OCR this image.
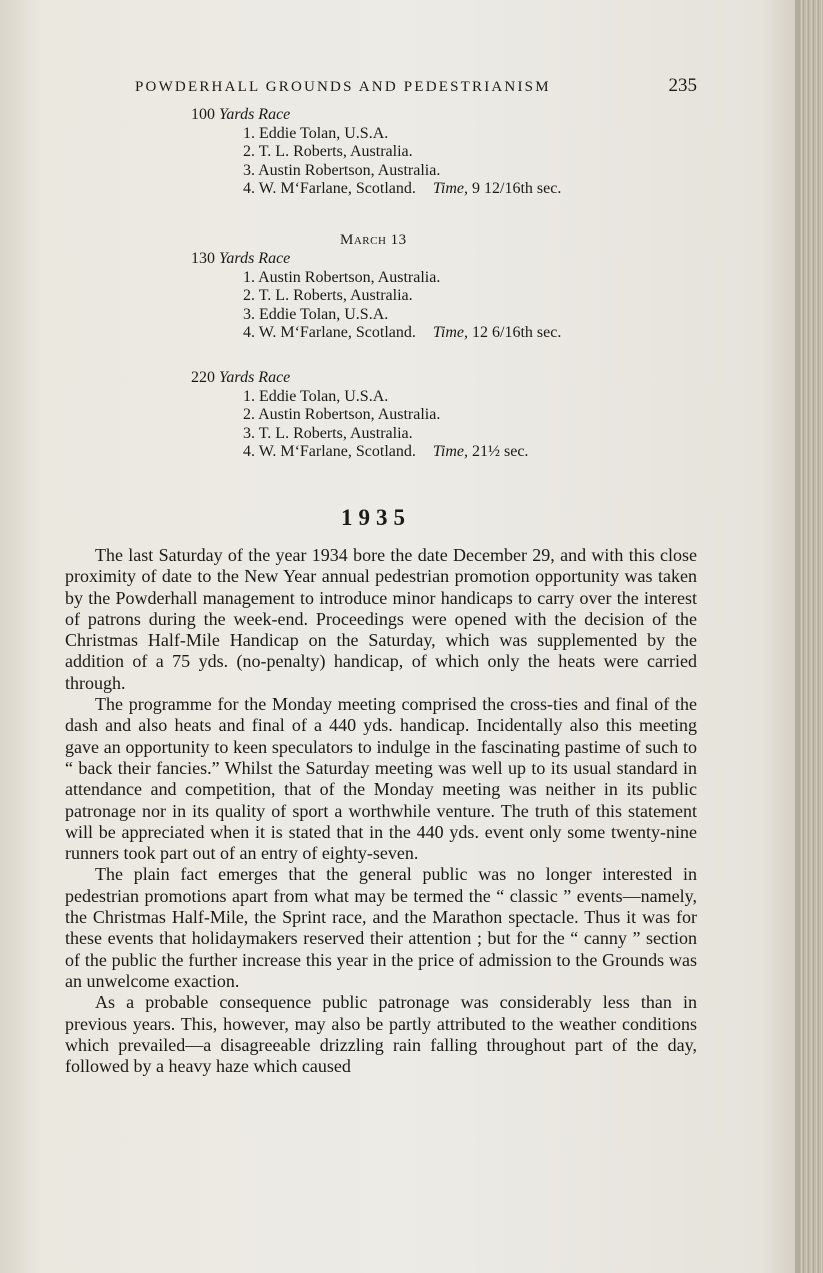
POWDERHALL GROUNDS AND PEDESTRIANISM	235
100 Yards Race
1. Eddie Tolan, U.S.A.
2. T. L. Roberts, Australia.
3. Austin Robertson, Australia.
4. W. M‘Farlane, Scotland. Time, 9 12/16th sec.
March 13
130 Yards Race
1. Austin Robertson, Australia.
2. T. L. Roberts, Australia.
3. Eddie Tolan, U.S.A.
4. W. M‘Farlane, Scotland. Time, 12 6/16th sec.
220 Yards Race
1. Eddie Tolan, U.S.A.
2. Austin Robertson, Australia.
3. T. L. Roberts, Australia.
4. W. M‘Farlane, Scotland. Time, 21½ sec.
1935

The last Saturday of the year 1934 bore the date December 29, and with this close proximity of date to the New Year annual pedestrian promotion opportunity was taken by the Powderhall management to introduce minor handicaps to carry over the interest of patrons during the week-end. Proceedings were opened with the decision of the Christmas Half-Mile Handicap on the Saturday, which was supplemented by the addition of a 75 yds. (no-penalty) handicap, of which only the heats were carried through.

The programme for the Monday meeting comprised the cross-ties and final of the dash and also heats and final of a 440 yds. handicap. Incidentally also this meeting gave an opportunity to keen speculators to indulge in the fascinating pastime of such to “ back their fancies.” Whilst the Saturday meeting was well up to its usual standard in attendance and competition, that of the Monday meeting was neither in its public patronage nor in its quality of sport a worthwhile venture. The truth of this statement will be appreciated when it is stated that in the 440 yds. event only some twenty-nine runners took part out of an entry of eighty-seven.

The plain fact emerges that the general public was no longer interested in pedestrian promotions apart from what may be termed the “ classic ” events—namely, the Christmas Half-Mile, the Sprint race, and the Marathon spectacle. Thus it was for these events that holidaymakers reserved their attention ; but for the “ canny ” section of the public the further increase this year in the price of admission to the Grounds was an unwelcome exaction.

As a probable consequence public patronage was considerably less than in previous years. This, however, may also be partly attributed to the weather conditions which prevailed—a disagreeable drizzling rain falling throughout part of the day, followed by a heavy haze which caused
